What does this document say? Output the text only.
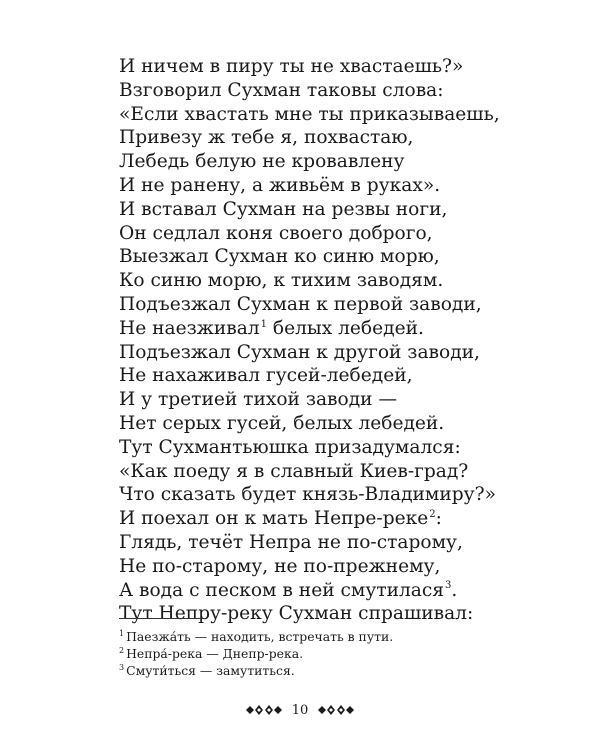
И ничем в пиру ты не хвастаешь?»
Взговорил Сухман таковы слова:
«Если хвастать мне ты приказываешь,
Привезу ж тебе я, похвастаю,
Лебедь белую не кровавлену
И не ранену, а живьём в руках».
И вставал Сухман на резвы ноги,
Он седлал коня своего доброго,
Выезжал Сухман ко синю морю,
Ко синю морю, к тихим заводям.
Подъезжал Сухман к первой заводи,
Не наезживал$^1$ белых лебедей.
Подъезжал Сухман к другой заводи,
Не нахаживал гусей-лебедей,
И у третией тихой заводи —
Нет серых гусей, белых лебедей.
Тут Сухмантьюшка призадумался:
«Как поеду я в славный Киев-град?
Что сказать будет князь-Владимиру?»
И поехал он к мать Непре-реке$^2$:
Глядь, течёт Непра не по-старому,
Не по-старому, не по-прежнему,
А вода с песком в ней смутилася$^3$.
Тут Непру-реку Сухман спрашивал:
$^1$ Паезжа́ть — находить, встречать в пути.
$^2$ Непра́-река — Днепр-река.
$^3$ Смути́ться — замутиться.
10
